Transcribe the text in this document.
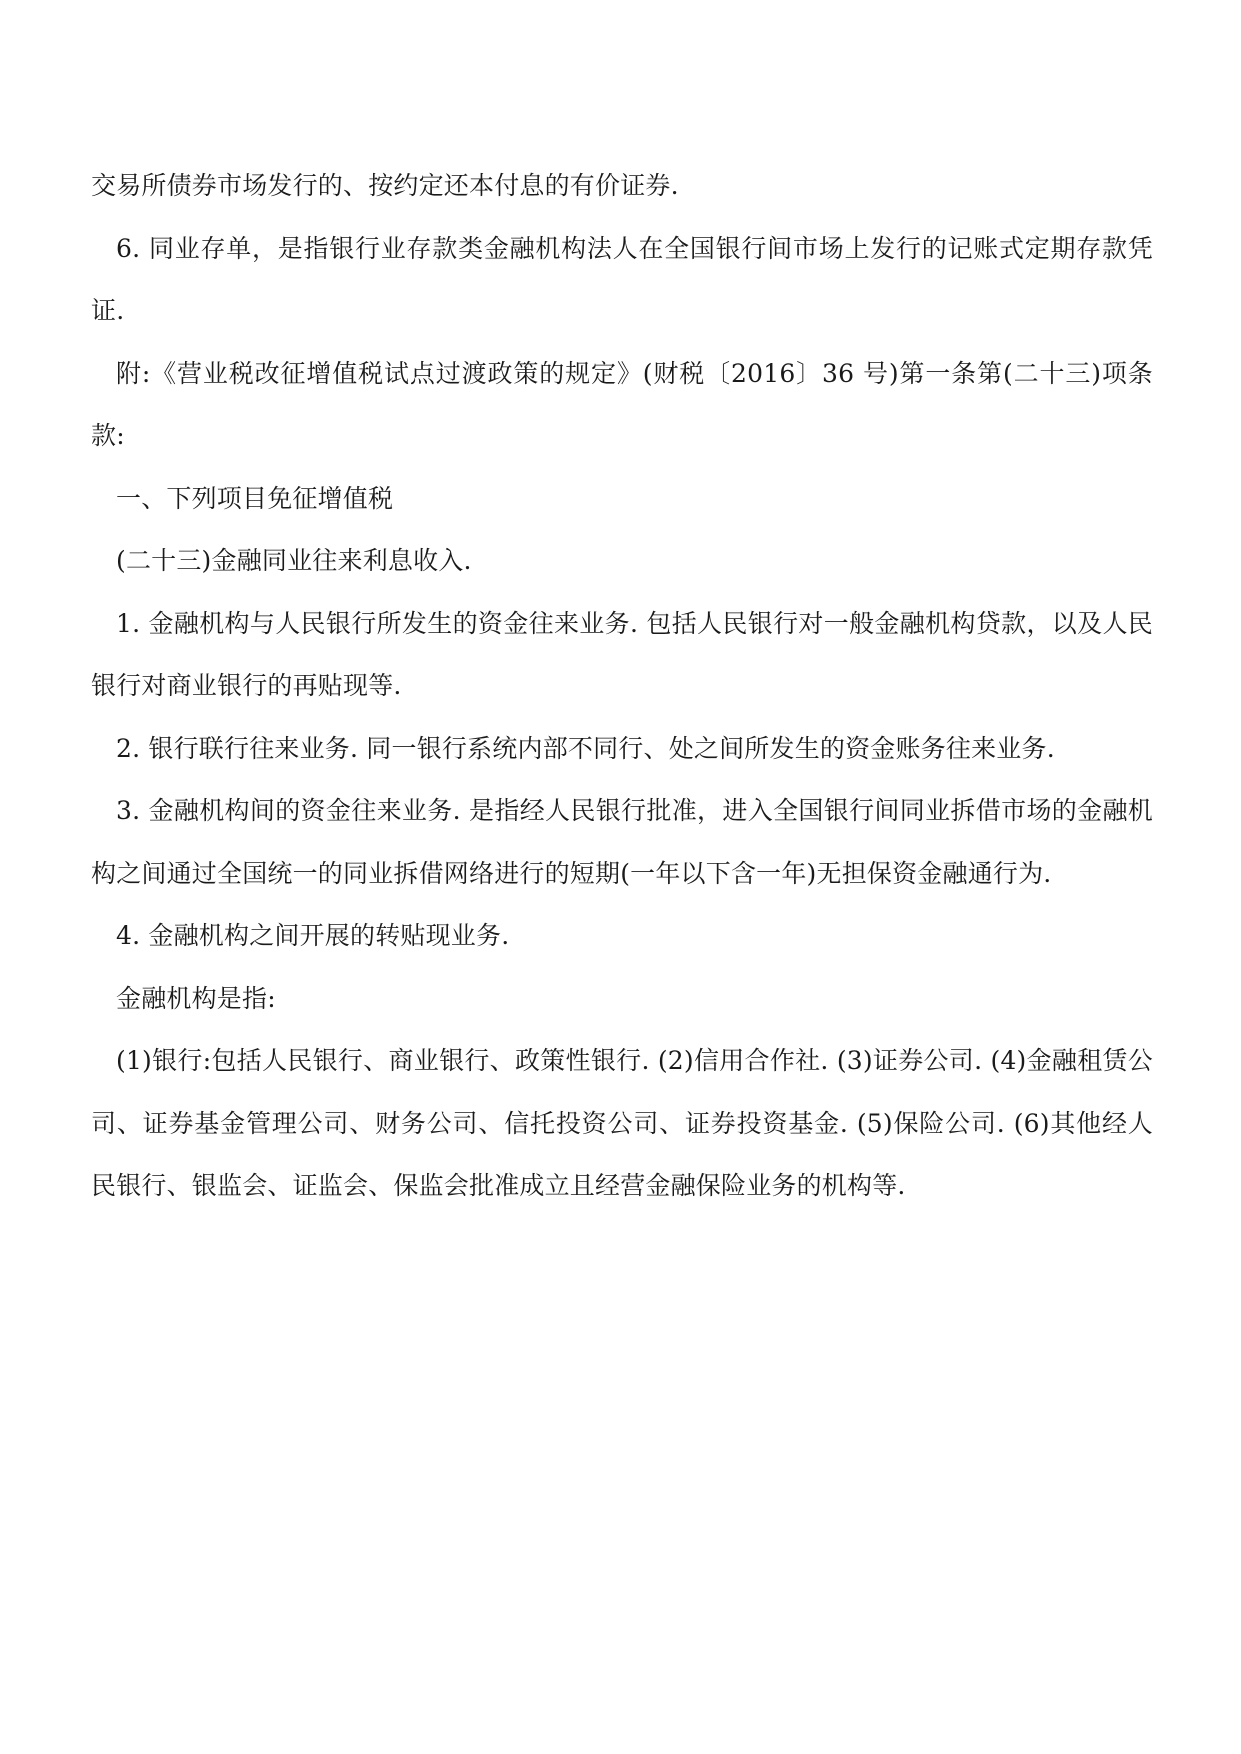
交易所债券市场发行的、按约定还本付息的有价证券.

6. 同业存单，是指银行业存款类金融机构法人在全国银行间市场上发行的记账式定期存款凭证.

附:《营业税改征增值税试点过渡政策的规定》(财税〔2016〕36 号)第一条第(二十三)项条款:

一、下列项目免征增值税

(二十三)金融同业往来利息收入.

1. 金融机构与人民银行所发生的资金往来业务. 包括人民银行对一般金融机构贷款，以及人民银行对商业银行的再贴现等.

2. 银行联行往来业务. 同一银行系统内部不同行、处之间所发生的资金账务往来业务.

3. 金融机构间的资金往来业务. 是指经人民银行批准，进入全国银行间同业拆借市场的金融机构之间通过全国统一的同业拆借网络进行的短期(一年以下含一年)无担保资金融通行为.

4. 金融机构之间开展的转贴现业务.

金融机构是指:

(1)银行:包括人民银行、商业银行、政策性银行. (2)信用合作社. (3)证券公司. (4)金融租赁公司、证券基金管理公司、财务公司、信托投资公司、证券投资基金. (5)保险公司. (6)其他经人民银行、银监会、证监会、保监会批准成立且经营金融保险业务的机构等.
